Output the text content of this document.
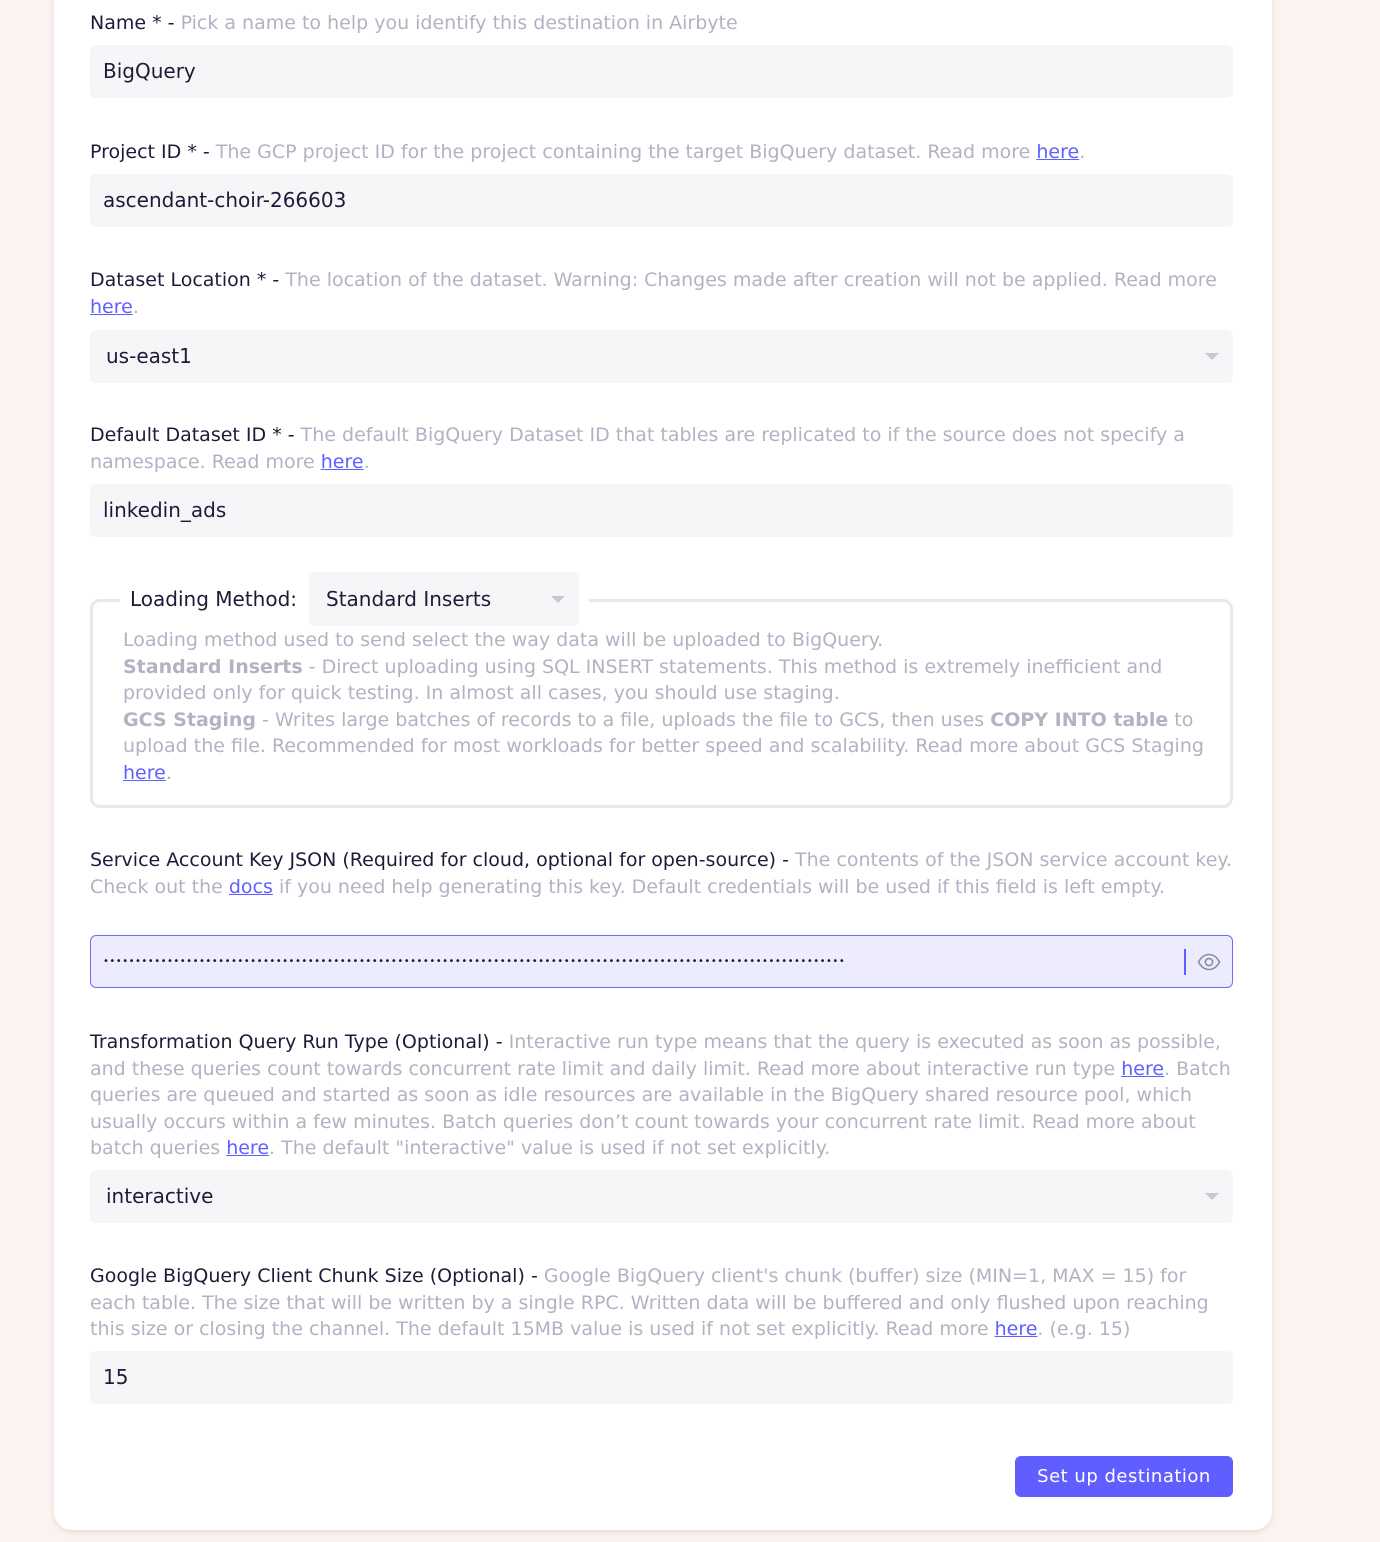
Name * - Pick a name to help you identify this destination in Airbyte
BigQuery
Project ID * - The GCP project ID for the project containing the target BigQuery dataset. Read more here.
ascendant-choir-266603
Dataset Location * - The location of the dataset. Warning: Changes made after creation will not be applied. Read more here.
us-east1
Default Dataset ID * - The default BigQuery Dataset ID that tables are replicated to if the source does not specify a namespace. Read more here.
linkedin_ads
Loading Method:	Standard Inserts
Loading method used to send select the way data will be uploaded to BigQuery.
Standard Inserts - Direct uploading using SQL INSERT statements. This method is extremely inefficient and provided only for quick testing. In almost all cases, you should use staging.
GCS Staging - Writes large batches of records to a file, uploads the file to GCS, then uses COPY INTO table to upload the file. Recommended for most workloads for better speed and scalability. Read more about GCS Staging here.
Service Account Key JSON (Required for cloud, optional for open-source) - The contents of the JSON service account key. Check out the docs if you need help generating this key. Default credentials will be used if this field is left empty.
••••••••••••••••••••••••••••••••••••••••••••••••••••••••••••••••••••••••••••••••••••••••••••••••••••••••••••••••••••
Transformation Query Run Type (Optional) - Interactive run type means that the query is executed as soon as possible, and these queries count towards concurrent rate limit and daily limit. Read more about interactive run type here. Batch queries are queued and started as soon as idle resources are available in the BigQuery shared resource pool, which usually occurs within a few minutes. Batch queries don’t count towards your concurrent rate limit. Read more about batch queries here. The default "interactive" value is used if not set explicitly.
interactive
Google BigQuery Client Chunk Size (Optional) - Google BigQuery client's chunk (buffer) size (MIN=1, MAX = 15) for each table. The size that will be written by a single RPC. Written data will be buffered and only flushed upon reaching this size or closing the channel. The default 15MB value is used if not set explicitly. Read more here. (e.g. 15)
15
Set up destination
